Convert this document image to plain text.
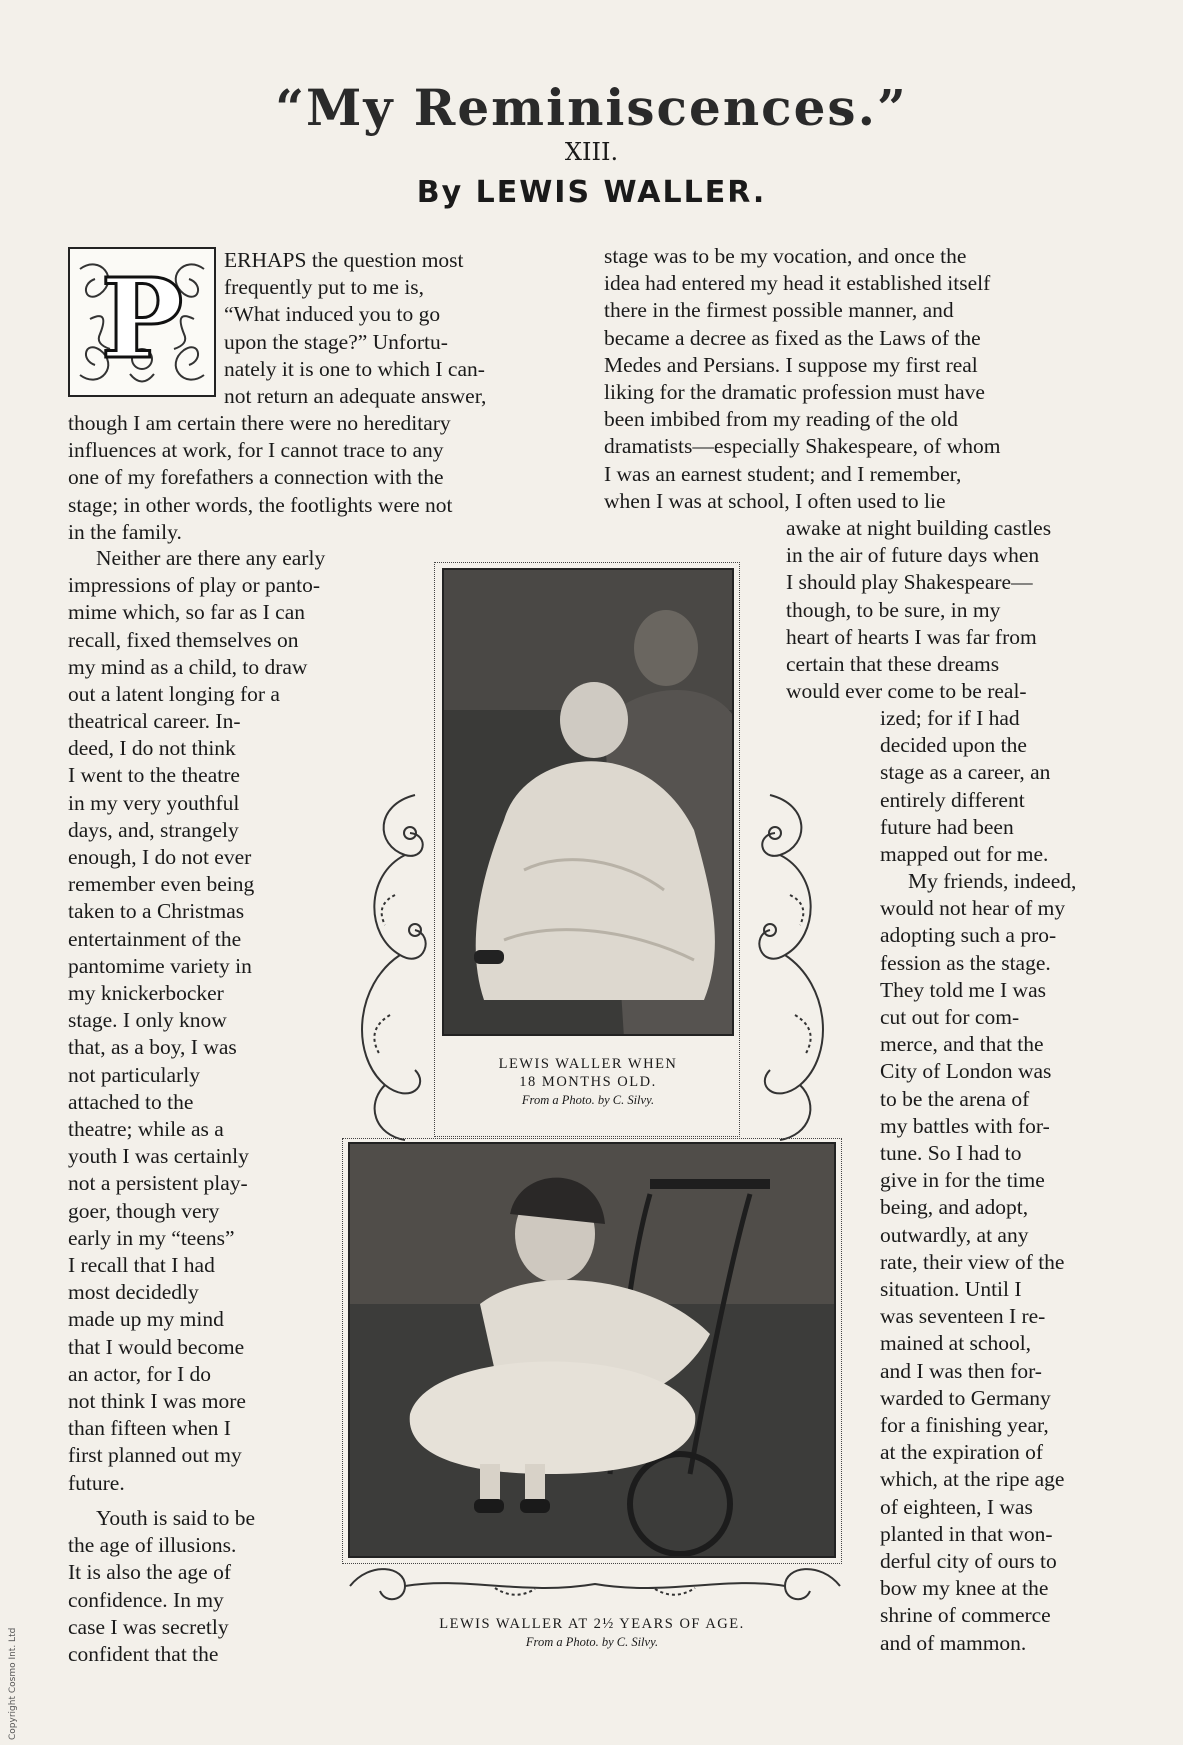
“My Reminiscences.”
XIII.
By LEWIS WALLER.
P ERHAPS the question most

frequently put to me is,

“What induced you to go

upon the stage?” Unfortu-

nately it is one to which I can-

not return an adequate answer,

though I am certain there were no hereditary

influences at work, for I cannot trace to any

one of my forefathers a connection with the

stage; in other words, the footlights were not

in the family.

Neither are there any early

impressions of play or panto-

mime which, so far as I can

recall, fixed themselves on

my mind as a child, to draw

out a latent longing for a

theatrical career. In-

deed, I do not think

I went to the theatre

in my very youthful

days, and, strangely

enough, I do not ever

remember even being

taken to a Christmas

entertainment of the

pantomime variety in

my knickerbocker

stage. I only know

that, as a boy, I was

not particularly

attached to the

theatre; while as a

youth I was certainly

not a persistent play-

goer, though very

early in my “teens”

I recall that I had

most decidedly

made up my mind

that I would become

an actor, for I do

not think I was more

than fifteen when I

first planned out my

future.

Youth is said to be

the age of illusions.

It is also the age of

confidence. In my

case I was secretly

confident that the

stage was to be my vocation, and once the

idea had entered my head it established itself

there in the firmest possible manner, and

became a decree as fixed as the Laws of the

Medes and Persians. I suppose my first real

liking for the dramatic profession must have

been imbibed from my reading of the old

dramatists—especially Shakespeare, of whom

I was an earnest student; and I remember,

when I was at school, I often used to lie

awake at night building castles

in the air of future days when

I should play Shakespeare—

though, to be sure, in my

heart of hearts I was far from

certain that these dreams

would ever come to be real-

ized; for if I had

decided upon the

stage as a career, an

entirely different

future had been

mapped out for me.

My friends, indeed,

would not hear of my

adopting such a pro-

fession as the stage.

They told me I was

cut out for com-

merce, and that the

City of London was

to be the arena of

my battles with for-

tune. So I had to

give in for the time

being, and adopt,

outwardly, at any

rate, their view of the

situation. Until I

was seventeen I re-

mained at school,

and I was then for-

warded to Germany

for a finishing year,

at the expiration of

which, at the ripe age

of eighteen, I was

planted in that won-

derful city of ours to

bow my knee at the

shrine of commerce

and of mammon.

LEWIS WALLER WHEN
18 MONTHS OLD.
From a Photo. by C. Silvy.
LEWIS WALLER AT 2½ YEARS OF AGE.
From a Photo. by C. Silvy.
Copyright Cosmo Int. Ltd
